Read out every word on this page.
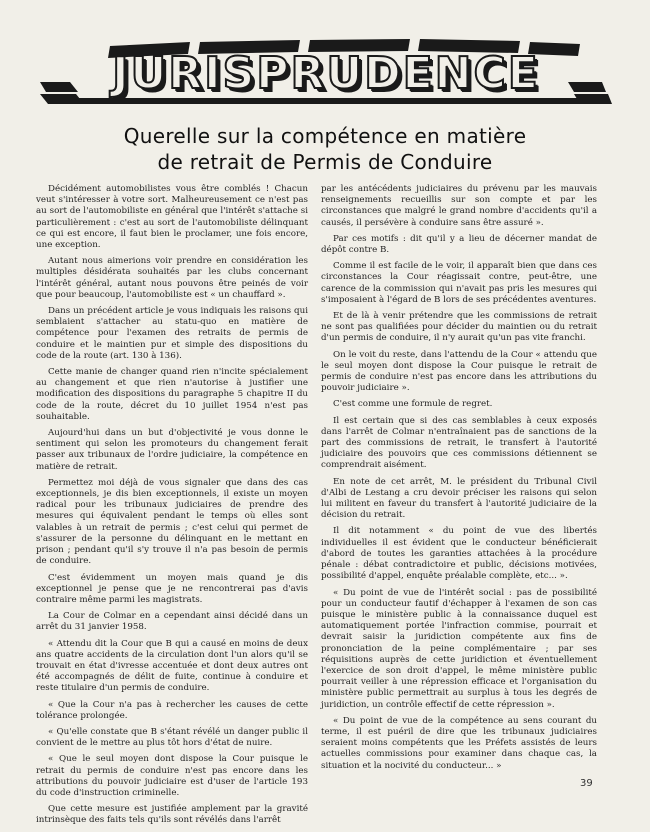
JURISPRUDENCE
Querelle sur la compétence en matière
de retrait de Permis de Conduire

Décidément automobilistes vous être comblés ! Chacun veut s'intéresser à votre sort. Malheureusement ce n'est pas au sort de l'automobiliste en général que l'intérêt s'attache si particulièrement : c'est au sort de l'automobiliste délinquant ce qui est encore, il faut bien le proclamer, une fois encore, une exception.

Autant nous aimerions voir prendre en considération les multiples désidérata souhaités par les clubs concernant l'intérêt général, autant nous pouvons être peinés de voir que pour beaucoup, l'automobiliste est « un chauffard ».

Dans un précédent article je vous indiquais les raisons qui semblaient s'attacher au statu-quo en matière de compétence pour l'examen des retraits de permis de conduire et le maintien pur et simple des dispositions du code de la route (art. 130 à 136).

Cette manie de changer quand rien n'incite spécialement au changement et que rien n'autorise à justifier une modification des dispositions du paragraphe 5 chapitre II du code de la route, décret du 10 juillet 1954 n'est pas souhaitable.

Aujourd'hui dans un but d'objectivité je vous donne le sentiment qui selon les promoteurs du changement ferait passer aux tribunaux de l'ordre judiciaire, la compétence en matière de retrait.

Permettez moi déjà de vous signaler que dans des cas exceptionnels, je dis bien exceptionnels, il existe un moyen radical pour les tribunaux judiciaires de prendre des mesures qui équivalent pendant le temps où elles sont valables à un retrait de permis ; c'est celui qui permet de s'assurer de la personne du délinquant en le mettant en prison ; pendant qu'il s'y trouve il n'a pas besoin de permis de conduire.

C'est évidemment un moyen mais quand je dis exceptionnel je pense que je ne rencontrerai pas d'avis contraire même parmi les magistrats.

La Cour de Colmar en a cependant ainsi décidé dans un arrêt du 31 janvier 1958.

« Attendu dit la Cour que B qui a causé en moins de deux ans quatre accidents de la circulation dont l'un alors qu'il se trouvait en état d'ivresse accentuée et dont deux autres ont été accompagnés de délit de fuite, continue à conduire et reste titulaire d'un permis de conduire.

« Que la Cour n'a pas à rechercher les causes de cette tolérance prolongée.

« Qu'elle constate que B s'étant révélé un danger public il convient de le mettre au plus tôt hors d'état de nuire.

« Que le seul moyen dont dispose la Cour puisque le retrait du permis de conduire n'est pas encore dans les attributions du pouvoir judiciaire est d'user de l'article 193 du code d'instruction criminelle.

Que cette mesure est justifiée amplement par la gravité intrinsèque des faits tels qu'ils sont révélés dans l'arrêt

par les antécédents judiciaires du prévenu par les mauvais renseignements recueillis sur son compte et par les circonstances que malgré le grand nombre d'accidents qu'il a causés, il persévère à conduire sans être assuré ».

Par ces motifs : dit qu'il y a lieu de décerner mandat de dépôt contre B.

Comme il est facile de le voir, il apparaît bien que dans ces circonstances la Cour réagissait contre, peut-être, une carence de la commission qui n'avait pas pris les mesures qui s'imposaient à l'égard de B lors de ses précédentes aventures.

Et de là à venir prétendre que les commissions de retrait ne sont pas qualifiées pour décider du maintien ou du retrait d'un permis de conduire, il n'y aurait qu'un pas vite franchi.

On le voit du reste, dans l'attendu de la Cour « attendu que le seul moyen dont dispose la Cour puisque le retrait de permis de conduire n'est pas encore dans les attributions du pouvoir judiciaire ».

C'est comme une formule de regret.

Il est certain que si des cas semblables à ceux exposés dans l'arrêt de Colmar n'entraînaient pas de sanctions de la part des commissions de retrait, le transfert à l'autorité judiciaire des pouvoirs que ces commissions détiennent se comprendrait aisément.

En note de cet arrêt, M. le président du Tribunal Civil d'Albi de Lestang a cru devoir préciser les raisons qui selon lui militent en faveur du transfert à l'autorité judiciaire de la décision du retrait.

Il dit notamment « du point de vue des libertés individuelles il est évident que le conducteur bénéficierait d'abord de toutes les garanties attachées à la procédure pénale : débat contradictoire et public, décisions motivées, possibilité d'appel, enquête préalable complète, etc... ».

« Du point de vue de l'intérêt social : pas de possibilité pour un conducteur fautif d'échapper à l'examen de son cas puisque le ministère public à la connaissance duquel est automatiquement portée l'infraction commise, pourrait et devrait saisir la juridiction compétente aux fins de prononciation de la peine complémentaire ; par ses réquisitions auprès de cette juridiction et éventuellement l'exercice de son droit d'appel, le même ministère public pourrait veiller à une répression efficace et l'organisation du ministère public permettrait au surplus à tous les degrés de juridiction, un contrôle effectif de cette répression ».

« Du point de vue de la compétence au sens courant du terme, il est puéril de dire que les tribunaux judiciaires seraient moins compétents que les Préfets assistés de leurs actuelles commissions pour examiner dans chaque cas, la situation et la nocivité du conducteur... »

39
